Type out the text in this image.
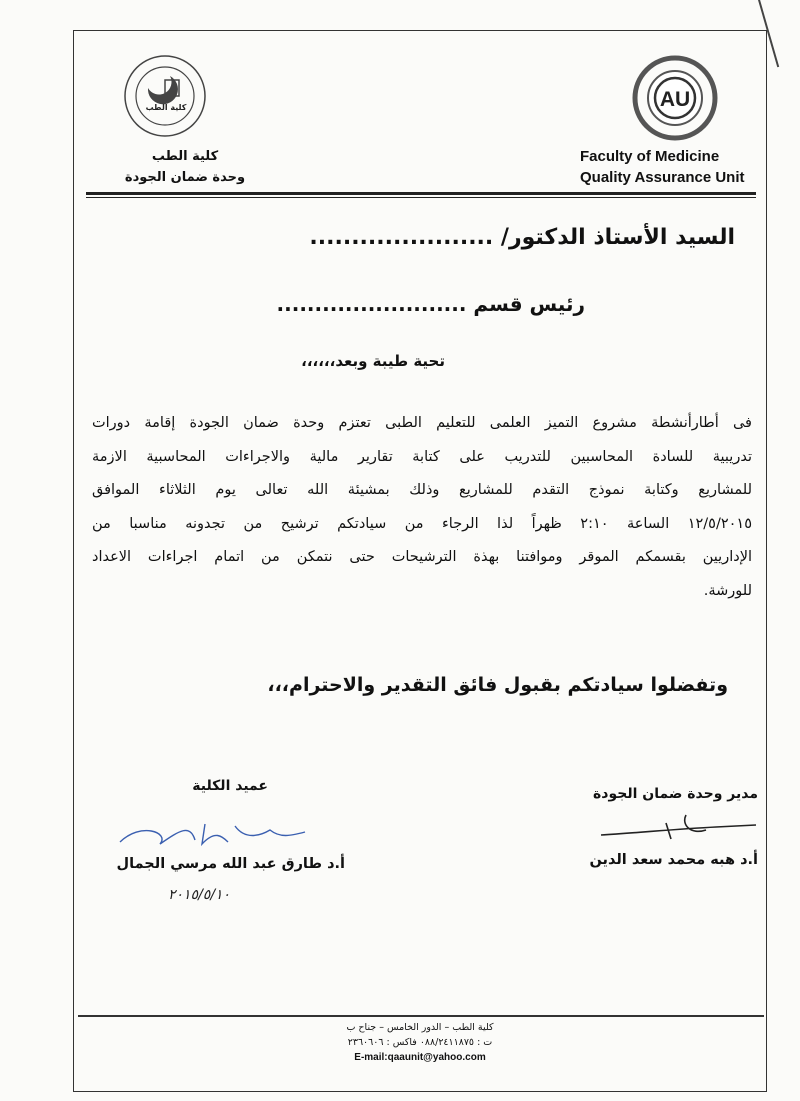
AU
كلية الطب
Faculty of Medicine
Quality Assurance Unit
كلية الطب
وحدة ضمان الجودة
السيد الأستاذ الدكتور/ ......................
رئيس قسم .........................
تحية طيبة وبعد،،،،،،
فى أطارأنشطة مشروع التميز العلمى للتعليم الطبى تعتزم وحدة ضمان الجودة إقامة دورات
تدريبية للسادة المحاسبين للتدريب على كتابة تقارير مالية والاجراءات المحاسبية الازمة
للمشاريع وكتابة نموذج التقدم للمشاريع وذلك بمشيئة الله تعالى يوم الثلاثاء الموافق
١٢/٥/٢٠١٥ الساعة ٢:١٠ ظهراً لذا الرجاء من سيادتكم ترشيح من تجدونه مناسبا من
الإداريين بقسمكم الموقر وموافتنا بهذة الترشيحات حتى نتمكن من اتمام اجراءات الاعداد
للورشة.
وتفضلوا سيادتكم بقبول فائق التقدير والاحترام،،،
مدير وحدة ضمان الجودة
أ.د هبه محمد سعد الدين
عميد الكلية
أ.د طارق عبد الله مرسي الجمال
٢٠١٥/٥/١٠
كلية الطب – الدور الخامس – جناح ب
ت : ٠٨٨/٢٤١١٨٧٥ فاكس : ٢٣٦٠٦٠٦
E-mail:qaaunit@yahoo.com
